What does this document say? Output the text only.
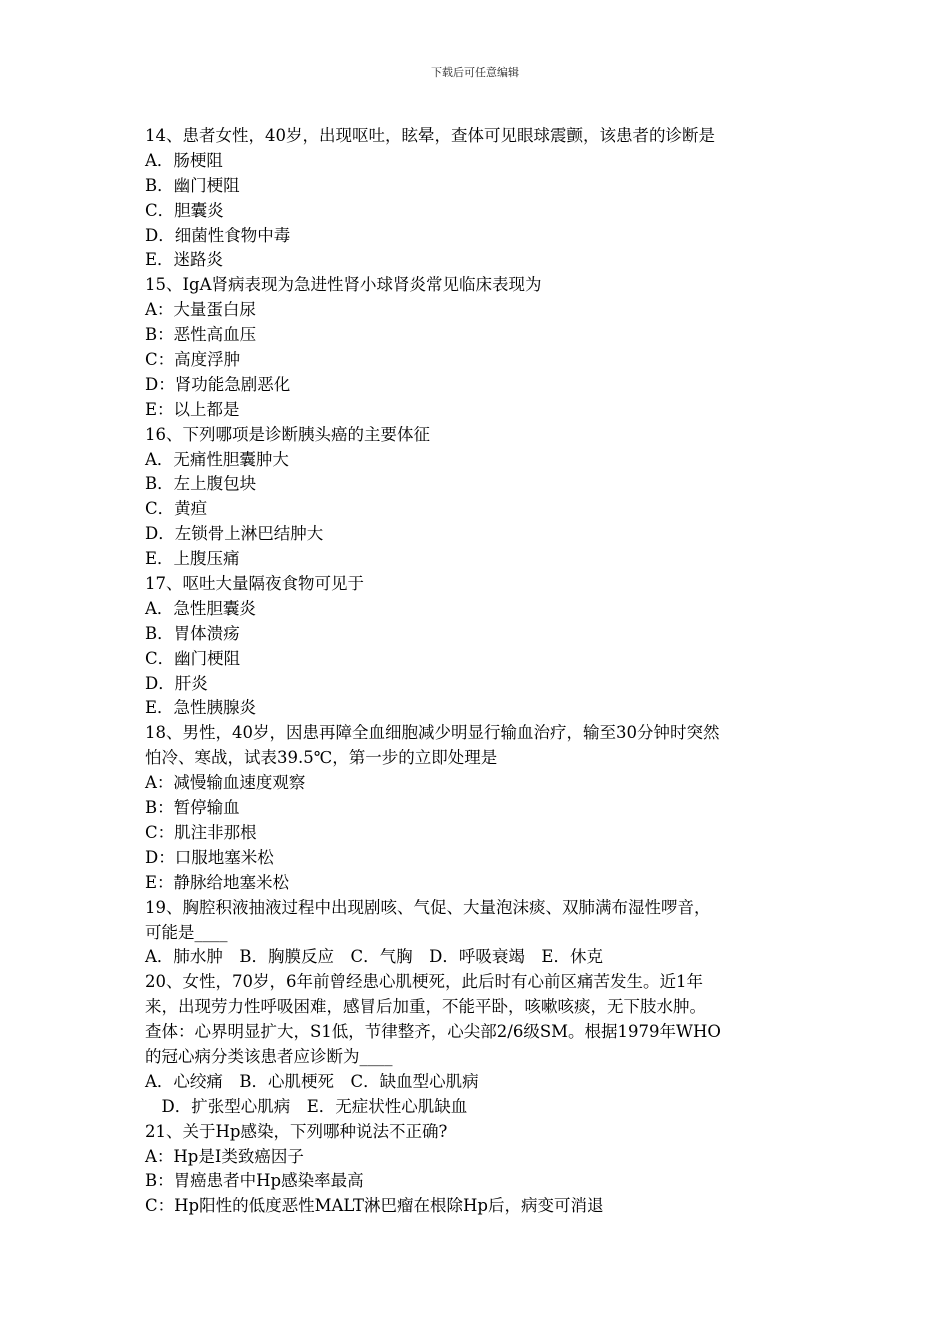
下载后可任意编辑
14、患者女性，40岁，出现呕吐，眩晕，查体可见眼球震颤，该患者的诊断是
A．肠梗阻
B．幽门梗阻
C．胆囊炎
D．细菌性食物中毒
E．迷路炎
15、IgA肾病表现为急进性肾小球肾炎常见临床表现为
A：大量蛋白尿
B：恶性高血压
C：高度浮肿
D：肾功能急剧恶化
E：以上都是
16、下列哪项是诊断胰头癌的主要体征
A．无痛性胆囊肿大
B．左上腹包块
C．黄疸
D．左锁骨上淋巴结肿大
E．上腹压痛
17、呕吐大量隔夜食物可见于
A．急性胆囊炎
B．胃体溃疡
C．幽门梗阻
D．肝炎
E．急性胰腺炎
18、男性，40岁，因患再障全血细胞减少明显行输血治疗，输至30分钟时突然
怕冷、寒战，试表39.5℃，第一步的立即处理是
A：减慢输血速度观察
B：暂停输血
C：肌注非那根
D：口服地塞米松
E：静脉给地塞米松
19、胸腔积液抽液过程中出现剧咳、气促、大量泡沫痰、双肺满布湿性啰音，
可能是____
A．肺水肿　B．胸膜反应　C．气胸　D．呼吸衰竭　E．休克
20、女性，70岁，6年前曾经患心肌梗死，此后时有心前区痛苦发生。近1年
来，出现劳力性呼吸困难，感冒后加重，不能平卧，咳嗽咳痰，无下肢水肿。
查体：心界明显扩大，S1低，节律整齐，心尖部2/6级SM。根据1979年WHO
的冠心病分类该患者应诊断为____
A．心绞痛　B．心肌梗死　C．缺血型心肌病
　D．扩张型心肌病　E．无症状性心肌缺血
21、关于Hp感染，下列哪种说法不正确?
A：Hp是Ⅰ类致癌因子
B：胃癌患者中Hp感染率最高
C：Hp阳性的低度恶性MALT淋巴瘤在根除Hp后，病变可消退
